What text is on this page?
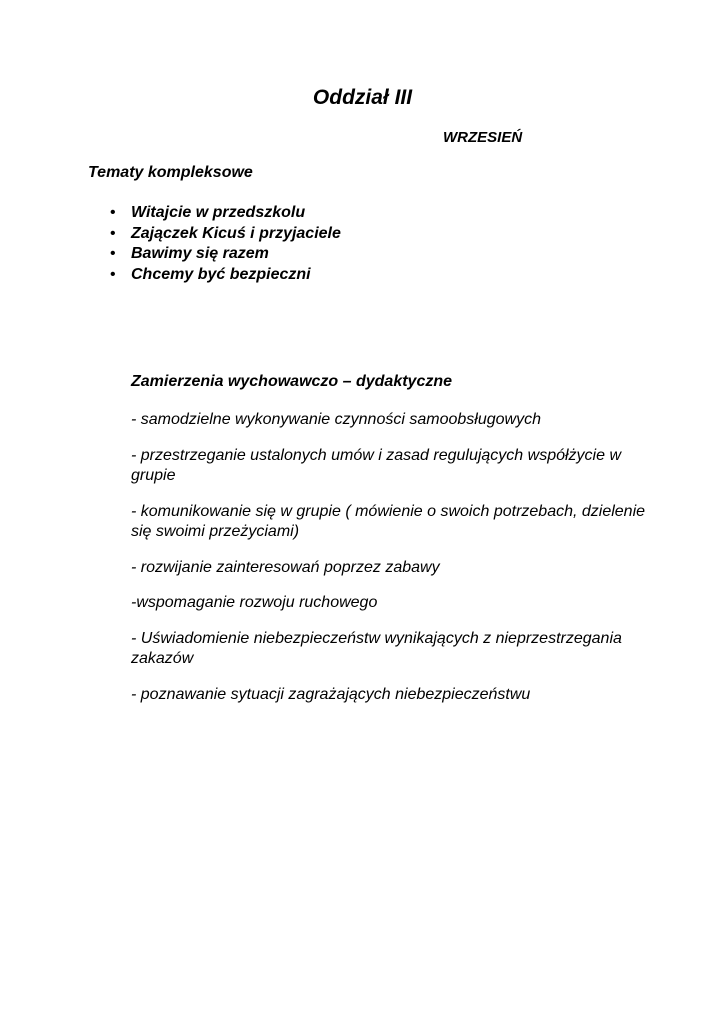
Oddział III
WRZESIEŃ
Tematy kompleksowe
• Witajcie w przedszkolu
• Zajączek Kicuś i przyjaciele
• Bawimy się razem
• Chcemy być bezpieczni
Zamierzenia wychowawczo – dydaktyczne
- samodzielne wykonywanie czynności samoobsługowych
- przestrzeganie ustalonych umów i zasad regulujących współżycie w grupie
- komunikowanie się w grupie ( mówienie o swoich potrzebach, dzielenie się swoimi przeżyciami)
- rozwijanie zainteresowań poprzez zabawy
-wspomaganie rozwoju ruchowego
- Uświadomienie niebezpieczeństw wynikających z nieprzestrzegania zakazów
- poznawanie sytuacji zagrażających niebezpieczeństwu
